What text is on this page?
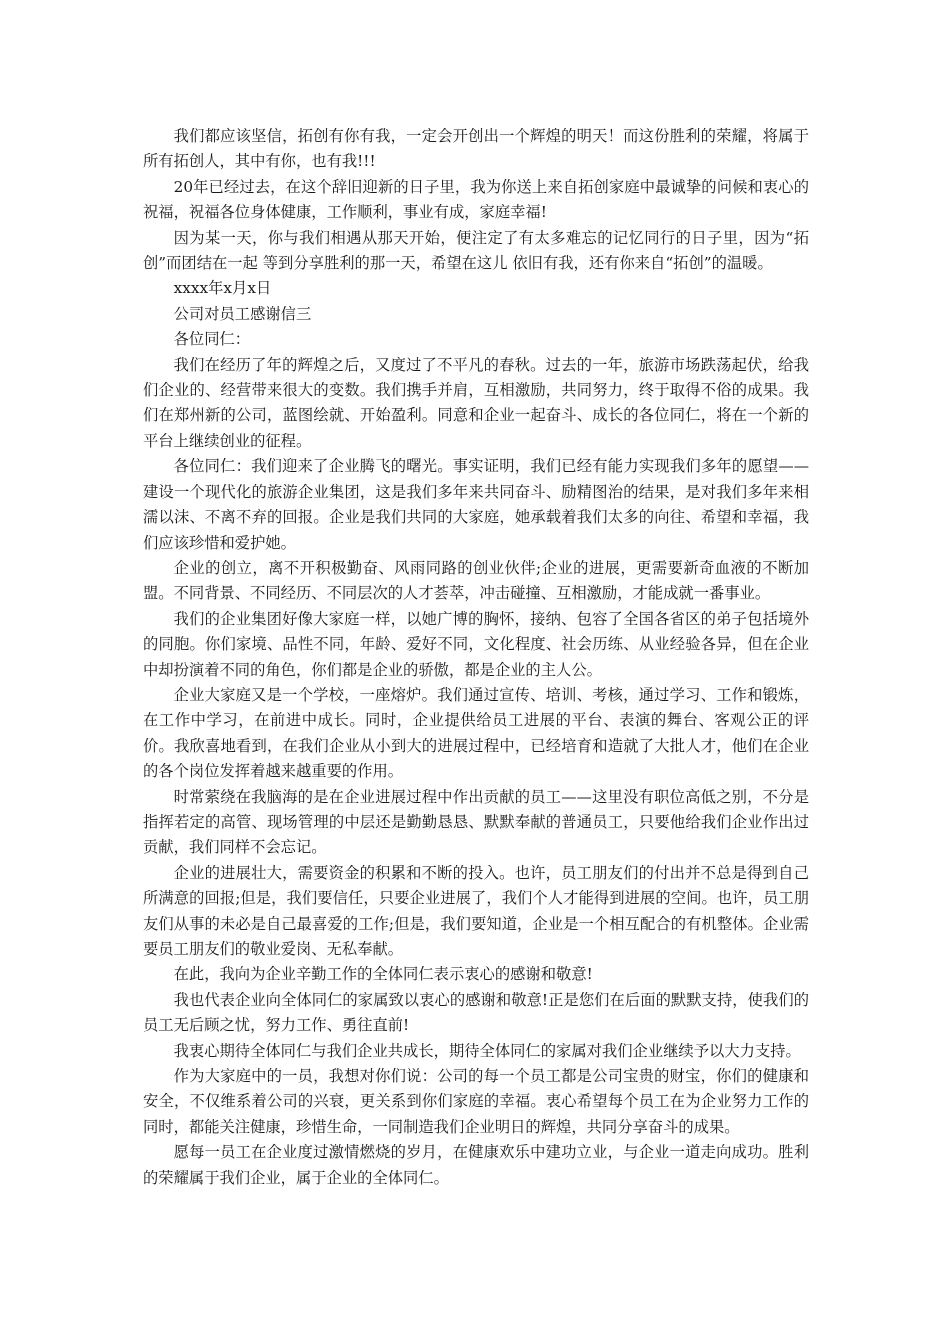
我们都应该坚信，拓创有你有我，一定会开创出一个辉煌的明天！而这份胜利的荣耀，将属于所有拓创人，其中有你，也有我!!!

20年已经过去，在这个辞旧迎新的日子里，我为你送上来自拓创家庭中最诚挚的问候和衷心的祝福，祝福各位身体健康，工作顺利，事业有成，家庭幸福!

因为某一天，你与我们相遇从那天开始，便注定了有太多难忘的记忆同行的日子里，因为“拓创”而团结在一起 等到分享胜利的那一天，希望在这儿 依旧有我，还有你来自“拓创”的温暖。

xxxx年x月x日

公司对员工感谢信三

各位同仁：

我们在经历了年的辉煌之后，又度过了不平凡的春秋。过去的一年，旅游市场跌荡起伏，给我们企业的、经营带来很大的变数。我们携手并肩，互相激励，共同努力，终于取得不俗的成果。我们在郑州新的公司，蓝图绘就、开始盈利。同意和企业一起奋斗、成长的各位同仁，将在一个新的平台上继续创业的征程。

各位同仁：我们迎来了企业腾飞的曙光。事实证明，我们已经有能力实现我们多年的愿望——建设一个现代化的旅游企业集团，这是我们多年来共同奋斗、励精图治的结果，是对我们多年来相濡以沫、不离不弃的回报。企业是我们共同的大家庭，她承载着我们太多的向往、希望和幸福，我们应该珍惜和爱护她。

企业的创立，离不开积极勤奋、风雨同路的创业伙伴;企业的进展，更需要新奇血液的不断加盟。不同背景、不同经历、不同层次的人才荟萃，冲击碰撞、互相激励，才能成就一番事业。

我们的企业集团好像大家庭一样，以她广博的胸怀，接纳、包容了全国各省区的弟子包括境外的同胞。你们家境、品性不同，年龄、爱好不同，文化程度、社会历练、从业经验各异，但在企业中却扮演着不同的角色，你们都是企业的骄傲，都是企业的主人公。

企业大家庭又是一个学校，一座熔炉。我们通过宣传、培训、考核，通过学习、工作和锻炼，在工作中学习，在前进中成长。同时，企业提供给员工进展的平台、表演的舞台、客观公正的评价。我欣喜地看到，在我们企业从小到大的进展过程中，已经培育和造就了大批人才，他们在企业的各个岗位发挥着越来越重要的作用。

时常萦绕在我脑海的是在企业进展过程中作出贡献的员工——这里没有职位高低之别，不分是指挥若定的高管、现场管理的中层还是勤勤恳恳、默默奉献的普通员工，只要他给我们企业作出过贡献，我们同样不会忘记。

企业的进展壮大，需要资金的积累和不断的投入。也许，员工朋友们的付出并不总是得到自己所满意的回报;但是，我们要信任，只要企业进展了，我们个人才能得到进展的空间。也许，员工朋友们从事的未必是自己最喜爱的工作;但是，我们要知道，企业是一个相互配合的有机整体。企业需要员工朋友们的敬业爱岗、无私奉献。

在此，我向为企业辛勤工作的全体同仁表示衷心的感谢和敬意!

我也代表企业向全体同仁的家属致以衷心的感谢和敬意!正是您们在后面的默默支持，使我们的员工无后顾之忧，努力工作、勇往直前!

我衷心期待全体同仁与我们企业共成长，期待全体同仁的家属对我们企业继续予以大力支持。

作为大家庭中的一员，我想对你们说：公司的每一个员工都是公司宝贵的财宝，你们的健康和安全，不仅维系着公司的兴衰，更关系到你们家庭的幸福。衷心希望每个员工在为企业努力工作的同时，都能关注健康，珍惜生命，一同制造我们企业明日的辉煌，共同分享奋斗的成果。

愿每一员工在企业度过激情燃烧的岁月，在健康欢乐中建功立业，与企业一道走向成功。胜利的荣耀属于我们企业，属于企业的全体同仁。
